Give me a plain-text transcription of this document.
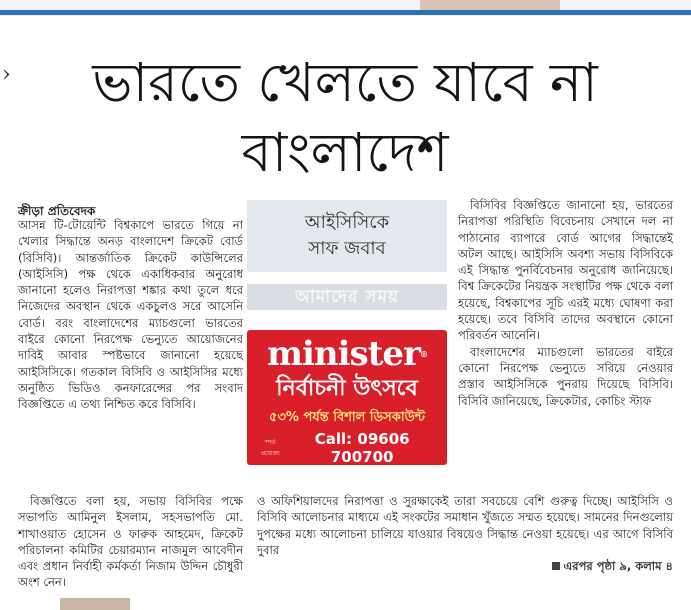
›	ভারতে খেলতে যাবে না
বাংলাদেশ
ক্রীড়া প্রতিবেদক

আসন্ন টি-টোয়েন্টি বিশ্বকাপে ভারতে গিয়ে না খেলার সিদ্ধান্তে অনড় বাংলাদেশ ক্রিকেট বোর্ড (বিসিবি)। আন্তর্জাতিক ক্রিকেট কাউন্সিলের (আইসিসি) পক্ষ থেকে একাধিকবার অনুরোধ জানানো হলেও নিরাপত্তা শঙ্কার কথা তুলে ধরে নিজেদের অবস্থান থেকে একচুলও সরে আসেনি বোর্ড। বরং বাংলাদেশের ম্যাচগুলো ভারতের বাইরে কোনো নিরপেক্ষ ভেন্যুতে আয়োজনের দাবিই আবার স্পষ্টভাবে জানানো হয়েছে আইসিসিকে। গতকাল বিসিবি ও আইসিসির মধ্যে অনুষ্ঠিত ভিডিও কনফারেন্সের পর সংবাদ বিজ্ঞপ্তিতে এ তথ্য নিশ্চিত করে বিসিবি।

আইসিসিকে
সাফ জবাব
আমাদের সময়
minister®
নির্বাচনী উৎসবে
৫৩% পর্যন্ত বিশাল ডিসকাউন্ট
*শর্ত প্রযোজ্য
Call: 09606 700700

বিসিবির বিজ্ঞপ্তিতে জানানো হয়, ভারতের নিরাপত্তা পরিস্থিতি বিবেচনায় সেখানে দল না পাঠানোর ব্যাপারে বোর্ড আগের সিদ্ধান্তেই অটল আছে। আইসিসি অবশ্য সভায় বিসিবিকে এই সিদ্ধান্ত পুনর্বিবেচনার অনুরোধ জানিয়েছে। বিশ্ব ক্রিকেটের নিয়ন্ত্রক সংস্থাটির পক্ষ থেকে বলা হয়েছে, বিশ্বকাপের সূচি এরই মধ্যে ঘোষণা করা হয়েছে। তবে বিসিবি তাদের অবস্থানে কোনো পরিবর্তন আনেনি।

বাংলাদেশের ম্যাচগুলো ভারতের বাইরে কোনো নিরপেক্ষ ভেন্যুতে সরিয়ে নেওয়ার প্রস্তাব আইসিসিকে পুনরায় দিয়েছে বিসিবি। বিসিবি জানিয়েছে, ক্রিকেটার, কোচিং স্টাফ

বিজ্ঞপ্তিতে বলা হয়, সভায় বিসিবির পক্ষে সভাপতি আমিনুল ইসলাম, সহসভাপতি মো. শাখাওয়াত হোসেন ও ফারুক আহমেদ, ক্রিকেট পরিচালনা কমিটির চেয়ারম্যান নাজমুল আবেদীন এবং প্রধান নির্বাহী কর্মকর্তা নিজাম উদ্দিন চৌধুরী অংশ নেন।

ও অফিশিয়ালদের নিরাপত্তা ও সুরক্ষাকেই তারা সবচেয়ে বেশি গুরুত্ব দিচ্ছে। আইসিসি ও বিসিবি আলোচনার মাধ্যমে এই সংকটের সমাধান খুঁজতে সম্মত হয়েছে। সামনের দিনগুলোয় দুপক্ষের মধ্যে আলোচনা চালিয়ে যাওয়ার বিষয়েও সিদ্ধান্ত নেওয়া হয়েছে। এর আগে বিসিবি দুবার

এরপর পৃষ্ঠা ৯, কলাম ৪
